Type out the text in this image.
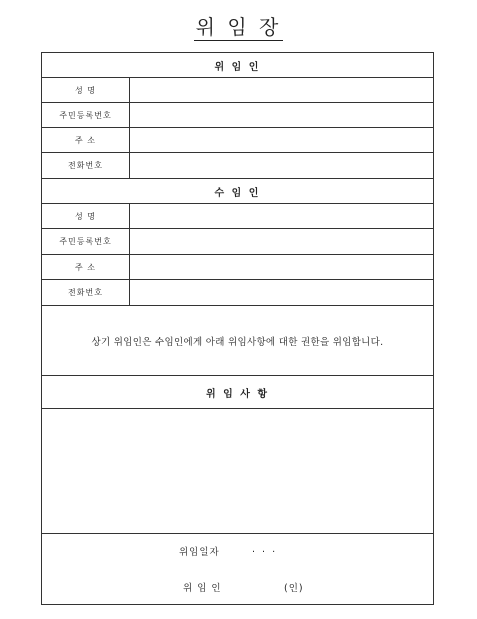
위 임 장
위 임 인
성 명
주민등록번호
주 소
전화번호
수 임 인
성 명
주민등록번호
주 소
전화번호
상기 위임인은 수임인에게 아래 위임사항에 대한 권한을 위임합니다.
위 임 사 항
위임일자	. . .
위 임 인	(인)
